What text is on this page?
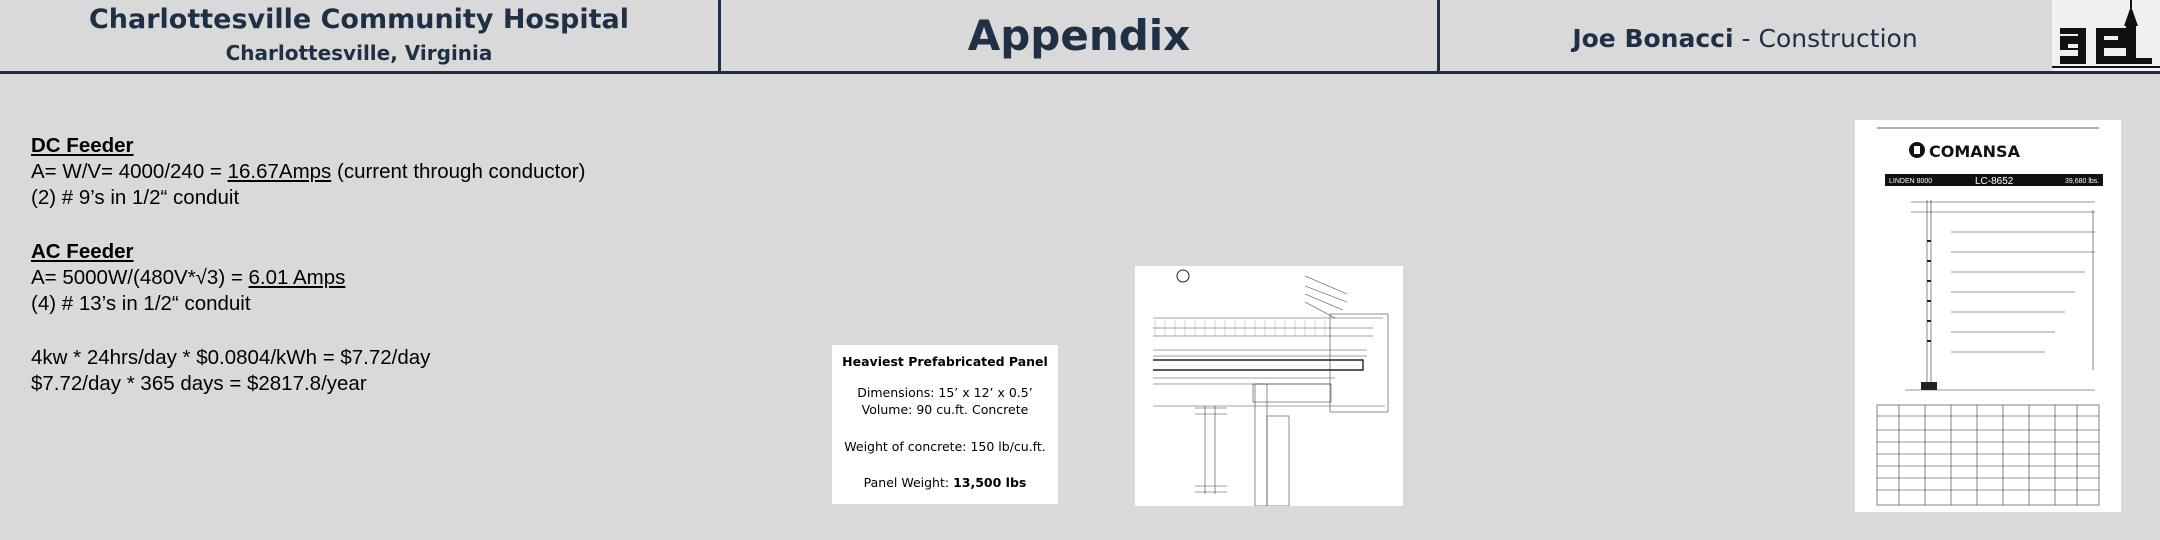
Charlottesville Community Hospital
Charlottesville, Virginia	Appendix	Joe Bonacci - Construction
DC Feeder
A= W/V= 4000/240 = 16.67Amps (current through conductor)
(2) # 9’s in 1/2“ conduit
AC Feeder
A= 5000W/(480V*√3) = 6.01 Amps
(4) # 13’s in 1/2“ conduit
4kw * 24hrs/day * $0.0804/kWh = $7.72/day
$7.72/day * 365 days = $2817.8/year
Heaviest Prefabricated Panel
Dimensions: 15’ x 12’ x 0.5’
Volume: 90 cu.ft. Concrete
Weight of concrete: 150 lb/cu.ft.
Panel Weight: 13,500 lbs
COMANSA
LINDEN 8000	LC-8652	39,680 lbs.
